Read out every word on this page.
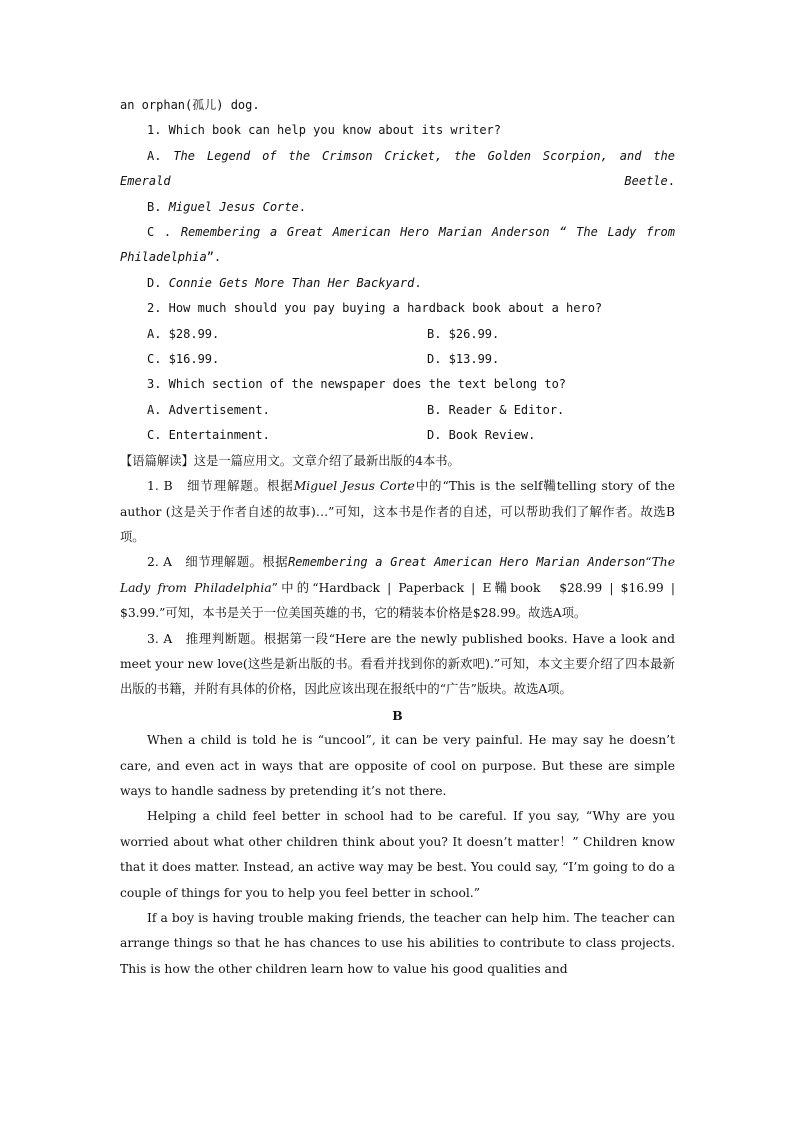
an orphan(孤儿) dog.

1. Which book can help you know about its writer?

A. The Legend of the Crimson Cricket, the Golden Scorpion, and the Emerald Beetle.

B. Miguel Jesus Corte.

C . Remembering a Great American Hero Marian Anderson “ The Lady from Philadelphia”.

D. Connie Gets More Than Her Backyard.

2. How much should you pay buying a hardback book about a hero?

A. $28.99.	B. $26.99.
C. $16.99.	D. $13.99.

3. Which section of the newspaper does the text belong to?

A. Advertisement.	B. Reader & Editor.
C. Entertainment.	D. Book Review.

【语篇解读】这是一篇应用文。文章介绍了最新出版的4本书。

1. B　细节理解题。根据Miguel Jesus Corte中的“This is the self鞴telling story of the author (这是关于作者自述的故事)…”可知，这本书是作者的自述，可以帮助我们了解作者。故选B项。

2. A　细节理解题。根据Remembering a Great American Hero Marian Anderson“The Lady from Philadelphia”中的“Hardback | Paperback | E鞴book　$28.99 | $16.99 | $3.99.”可知，本书是关于一位美国英雄的书，它的精装本价格是$28.99。故选A项。

3. A　推理判断题。根据第一段“Here are the newly published books. Have a look and meet your new love(这些是新出版的书。看看并找到你的新欢吧).”可知，本文主要介绍了四本最新出版的书籍，并附有具体的价格，因此应该出现在报纸中的“广告”版块。故选A项。

B

When a child is told he is “uncool”, it can be very painful. He may say he doesn’t care, and even act in ways that are opposite of cool on purpose. But these are simple ways to handle sadness by pretending it’s not there.

Helping a child feel better in school had to be careful. If you say, “Why are you worried about what other children think about you? It doesn’t matter！” Children know that it does matter. Instead, an active way may be best. You could say, “I’m going to do a couple of things for you to help you feel better in school.”

If a boy is having trouble making friends, the teacher can help him. The teacher can arrange things so that he has chances to use his abilities to contribute to class projects. This is how the other children learn how to value his good qualities and
